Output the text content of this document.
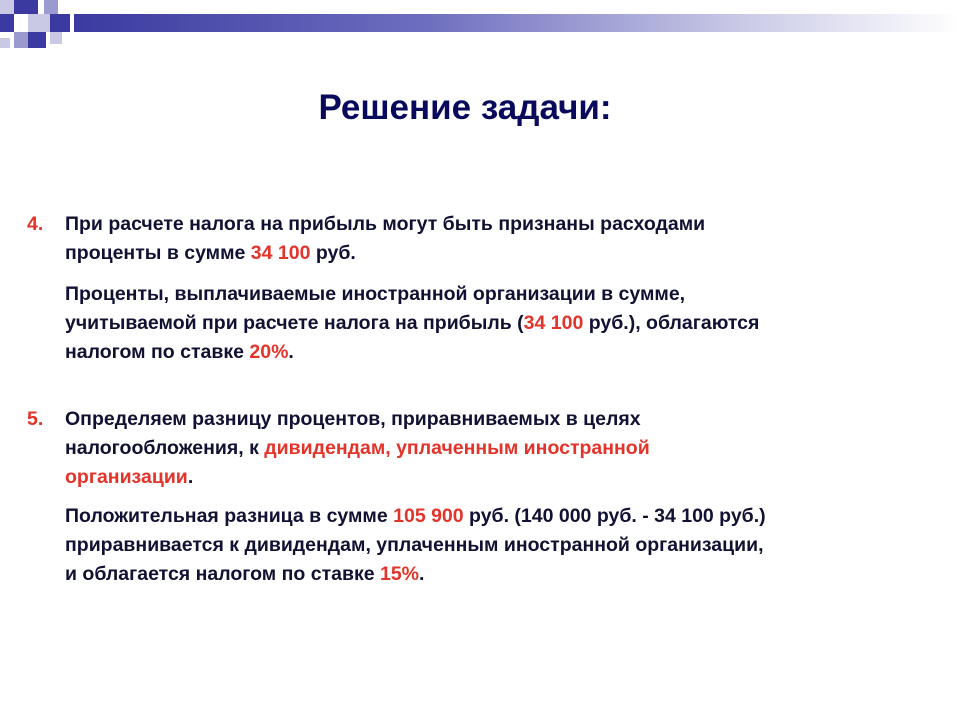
Решение задачи:
4. При расчете налога на прибыль могут быть признаны расходами
проценты в сумме 34 100 руб.
Проценты, выплачиваемые иностранной организации в сумме,
учитываемой при расчете налога на прибыль (34 100 руб.), облагаются
налогом по ставке 20%.
5. Определяем разницу процентов, приравниваемых в целях
налогообложения, к дивидендам, уплаченным иностранной
организации.
Положительная разница в сумме 105 900 руб. (140 000 руб. - 34 100 руб.)
приравнивается к дивидендам, уплаченным иностранной организации,
и облагается налогом по ставке 15%.
